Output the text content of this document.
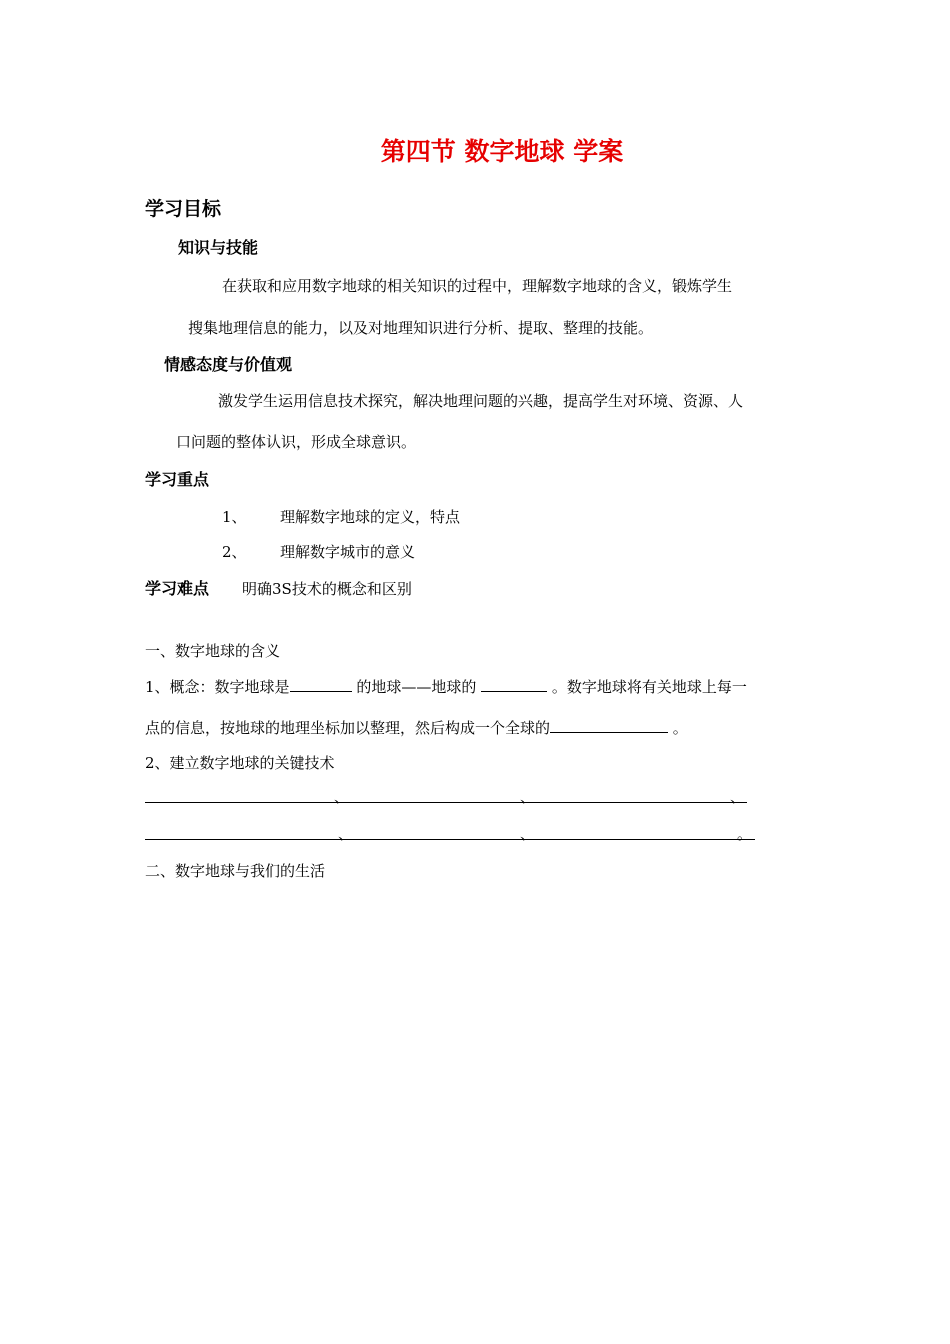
第四节 数字地球 学案
学习目标
知识与技能
在获取和应用数字地球的相关知识的过程中，理解数字地球的含义，锻炼学生
搜集地理信息的能力，以及对地理知识进行分析、提取、整理的技能。
情感态度与价值观
激发学生运用信息技术探究，解决地理问题的兴趣，提高学生对环境、资源、人
口问题的整体认识，形成全球意识。
学习重点
1、 理解数字地球的定义，特点
2、 理解数字城市的意义
学习难点 明确3S技术的概念和区别
一、数字地球的含义
1、概念：数字地球是	的地球——地球的	。数字地球将有关地球上每一
点的信息，按地球的地理坐标加以整理，然后构成一个全球的	。
2、建立数字地球的关键技术
、	、	、
、	、	。
二、数字地球与我们的生活
